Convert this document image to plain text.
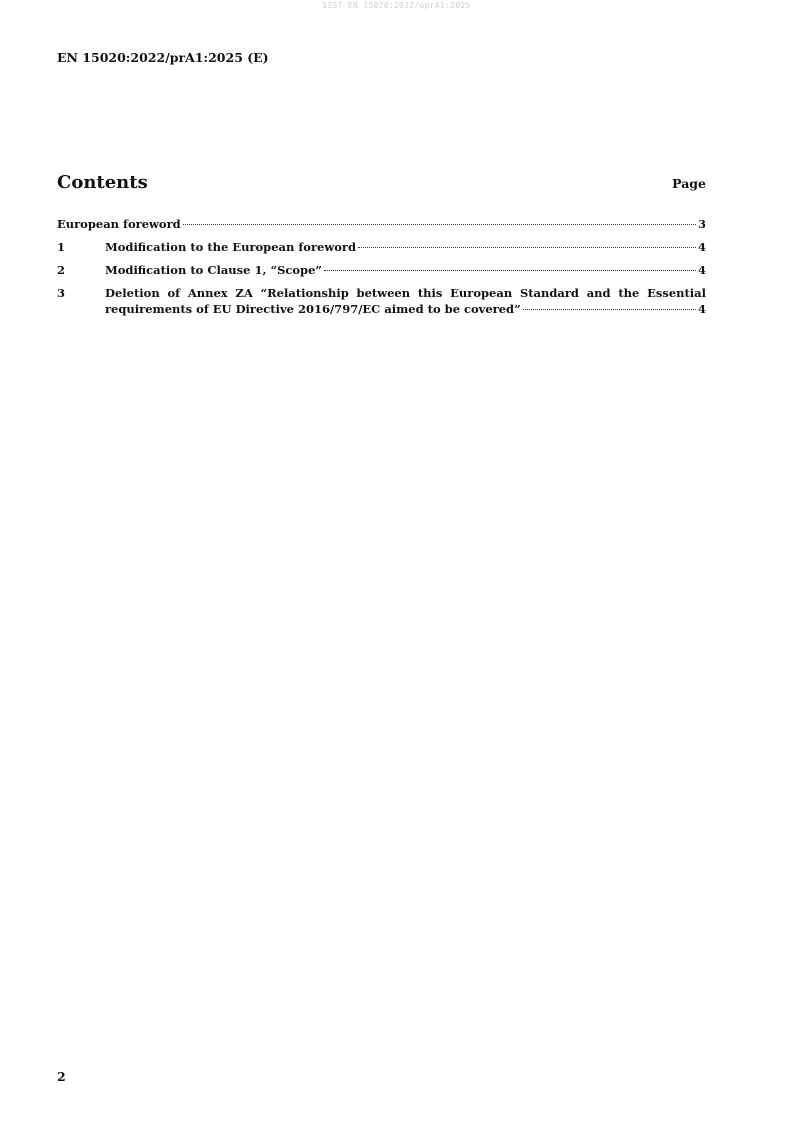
SIST EN 15020:2022/oprA1:2025
EN 15020:2022/prA1:2025 (E)
Contents	Page
European foreword	3
1	Modification to the European foreword	4
2	Modification to Clause 1, “Scope”	4
3	Deletion of Annex ZA “Relationship between this European Standard and the Essential
requirements of EU Directive 2016/797/EC aimed to be covered”	4
2
